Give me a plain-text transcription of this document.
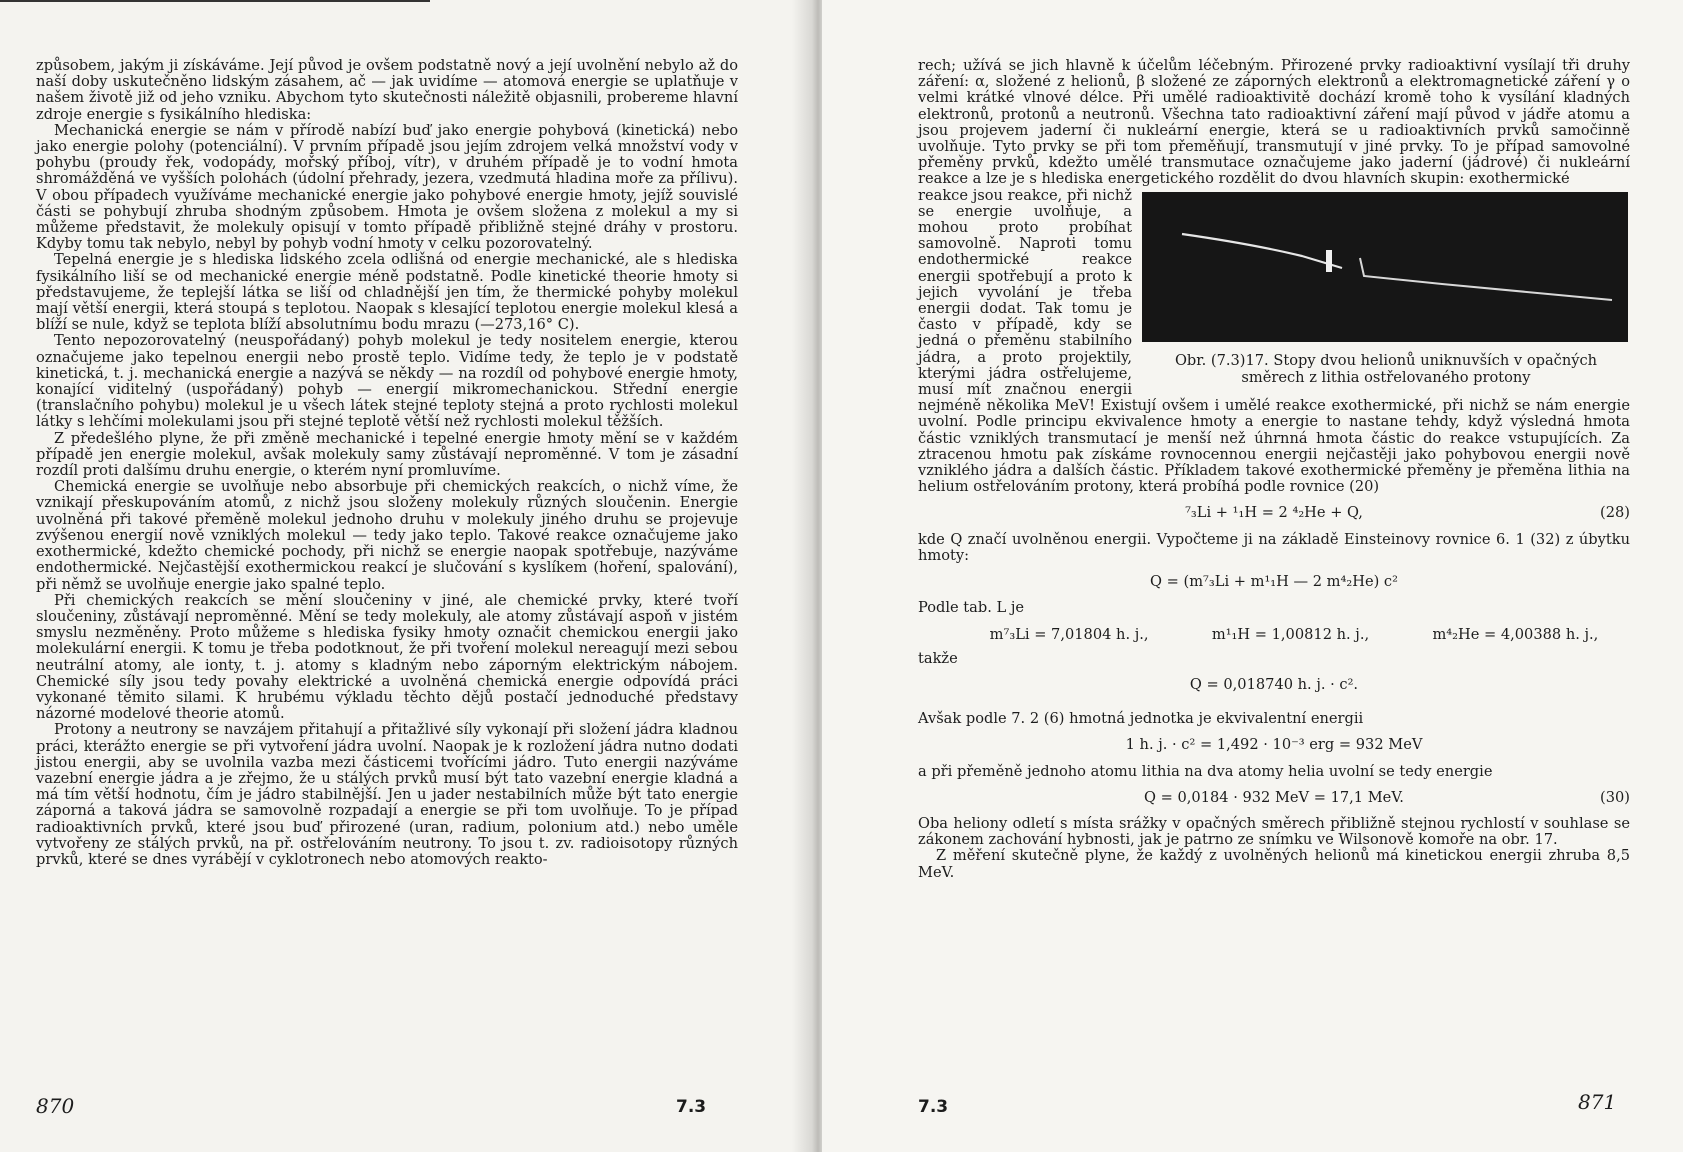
způsobem, jakým ji získáváme. Její původ je ovšem podstatně nový a její uvolnění nebylo až do naší doby uskutečněno lidským zásahem, ač — jak uvidíme — atomová energie se uplatňuje v našem životě již od jeho vzniku. Abychom tyto skutečnosti náležitě objasnili, probereme hlavní zdroje energie s fysikálního hlediska:

Mechanická energie se nám v přírodě nabízí buď jako energie pohybová (kinetická) nebo jako energie polohy (potenciální). V prvním případě jsou jejím zdrojem velká množství vody v pohybu (proudy řek, vodopády, mořský příboj, vítr), v druhém případě je to vodní hmota shromážděná ve vyšších polohách (údolní přehrady, jezera, vzedmutá hladina moře za přílivu). V obou případech využíváme mechanické energie jako pohybové energie hmoty, jejíž souvislé části se pohybují zhruba shodným způsobem. Hmota je ovšem složena z molekul a my si můžeme představit, že molekuly opisují v tomto případě přibližně stejné dráhy v prostoru. Kdyby tomu tak nebylo, nebyl by pohyb vodní hmoty v celku pozorovatelný.

Tepelná energie je s hlediska lidského zcela odlišná od energie mechanické, ale s hlediska fysikálního liší se od mechanické energie méně podstatně. Podle kinetické theorie hmoty si představujeme, že teplejší látka se liší od chladnější jen tím, že thermické pohyby molekul mají větší energii, která stoupá s teplotou. Naopak s klesající teplotou energie molekul klesá a blíží se nule, když se teplota blíží absolutnímu bodu mrazu (—273,16° C).

Tento nepozorovatelný (neuspořádaný) pohyb molekul je tedy nositelem energie, kterou označujeme jako tepelnou energii nebo prostě teplo. Vidíme tedy, že teplo je v podstatě kinetická, t. j. mechanická energie a nazývá se někdy — na rozdíl od pohybové energie hmoty, konající viditelný (uspořádaný) pohyb — energií mikromechanickou. Střední energie (translačního pohybu) molekul je u všech látek stejné teploty stejná a proto rychlosti molekul látky s lehčími molekulami jsou při stejné teplotě větší než rychlosti molekul těžších.

Z předešlého plyne, že při změně mechanické i tepelné energie hmoty mění se v každém případě jen energie molekul, avšak molekuly samy zůstávají neproměnné. V tom je zásadní rozdíl proti dalšímu druhu energie, o kterém nyní promluvíme.

Chemická energie se uvolňuje nebo absorbuje při chemických reakcích, o nichž víme, že vznikají přeskupováním atomů, z nichž jsou složeny molekuly různých sloučenin. Energie uvolněná při takové přeměně molekul jednoho druhu v molekuly jiného druhu se projevuje zvýšenou energií nově vzniklých molekul — tedy jako teplo. Takové reakce označujeme jako exothermické, kdežto chemické pochody, při nichž se energie naopak spotřebuje, nazýváme endothermické. Nejčastější exothermickou reakcí je slučování s kyslíkem (hoření, spalování), při němž se uvolňuje energie jako spalné teplo.

Při chemických reakcích se mění sloučeniny v jiné, ale chemické prvky, které tvoří sloučeniny, zůstávají neproměnné. Mění se tedy molekuly, ale atomy zůstávají aspoň v jistém smyslu nezměněny. Proto můžeme s hlediska fysiky hmoty označit chemickou energii jako molekulární energii. K tomu je třeba podotknout, že při tvoření molekul nereagují mezi sebou neutrální atomy, ale ionty, t. j. atomy s kladným nebo záporným elektrickým nábojem. Chemické síly jsou tedy povahy elektrické a uvolněná chemická energie odpovídá práci vykonané těmito silami. K hrubému výkladu těchto dějů postačí jednoduché představy názorné modelové theorie atomů.

Protony a neutrony se navzájem přitahují a přitažlivé síly vykonají při složení jádra kladnou práci, kterážto energie se při vytvoření jádra uvolní. Naopak je k rozložení jádra nutno dodati jistou energii, aby se uvolnila vazba mezi částicemi tvořícími jádro. Tuto energii nazýváme vazební energie jádra a je zřejmo, že u stálých prvků musí být tato vazební energie kladná a má tím větší hodnotu, čím je jádro stabilnější. Jen u jader nestabilních může být tato energie záporná a taková jádra se samovolně rozpadají a energie se při tom uvolňuje. To je případ radioaktivních prvků, které jsou buď přirozené (uran, radium, polonium atd.) nebo uměle vytvořeny ze stálých prvků, na př. ostřelováním neutrony. To jsou t. zv. radioisotopy různých prvků, které se dnes vyrábějí v cyklotronech nebo atomových reakto-

870	7.3

rech; užívá se jich hlavně k účelům léčebným. Přirozené prvky radioaktivní vysílají tři druhy záření: α, složené z helionů, β složené ze záporných elektronů a elektromagnetické záření γ o velmi krátké vlnové délce. Při umělé radioaktivitě dochází kromě toho k vysílání kladných elektronů, protonů a neutronů. Všechna tato radioaktivní záření mají původ v jádře atomu a jsou projevem jaderní či nukleární energie, která se u radioaktivních prvků samočinně uvolňuje. Tyto prvky se při tom přeměňují, transmutují v jiné prvky. To je případ samovolné přeměny prvků, kdežto umělé transmutace označujeme jako jaderní (jádrové) či nukleární reakce a lze je s hlediska energetického rozdělit do dvou hlavních skupin: exothermické

Obr. (7.3)17. Stopy dvou helionů uniknuvších v opačných směrech z lithia ostřelovaného protony

reakce jsou reakce, při nichž se energie uvolňuje, a mohou proto probíhat samovolně. Naproti tomu endothermické reakce energii spotřebují a proto k jejich vyvolání je třeba energii dodat. Tak tomu je často v případě, kdy se jedná o přeměnu stabilního jádra, a proto projektily, kterými jádra ostřelujeme, musí mít značnou energii nejméně několika MeV! Existují ovšem i umělé reakce exothermické, při nichž se nám energie uvolní. Podle principu ekvivalence hmoty a energie to nastane tehdy, když výsledná hmota částic vzniklých transmutací je menší než úhrnná hmota částic do reakce vstupujících. Za ztracenou hmotu pak získáme rovnocennou energii nejčastěji jako pohybovou energii nově vzniklého jádra a dalších částic. Příkladem takové exothermické přeměny je přeměna lithia na helium ostřelováním protony, která probíhá podle rovnice (20)

⁷₃Li + ¹₁H = 2 ⁴₂He + Q,	(28)

kde Q značí uvolněnou energii. Vypočteme ji na základě Einsteinovy rovnice 6. 1 (32) z úbytku hmoty:

Q = (m⁷₃Li + m¹₁H — 2 m⁴₂He) c²

Podle tab. L je

m⁷₃Li = 7,01804 h. j.,	m¹₁H = 1,00812 h. j.,	m⁴₂He = 4,00388 h. j.,

takže

Q = 0,018740 h. j. · c².

Avšak podle 7. 2 (6) hmotná jednotka je ekvivalentní energii

1 h. j. · c² = 1,492 · 10⁻³ erg = 932 MeV

a při přeměně jednoho atomu lithia na dva atomy helia uvolní se tedy energie

Q = 0,0184 · 932 MeV = 17,1 MeV.	(30)

Oba heliony odletí s místa srážky v opačných směrech přibližně stejnou rychlostí v souhlase se zákonem zachování hybnosti, jak je patrno ze snímku ve Wilsonově komoře na obr. 17.

Z měření skutečně plyne, že každý z uvolněných helionů má kinetickou energii zhruba 8,5 MeV.

7.3	871
